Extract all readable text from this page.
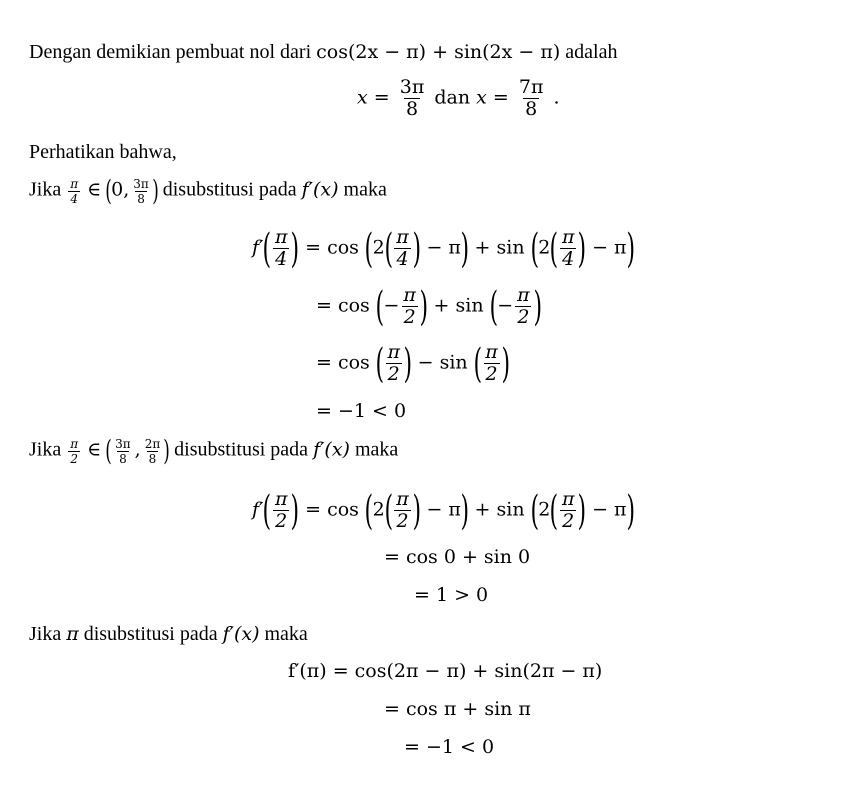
Dengan demikian pembuat nol dari cos(2x − π) + sin(2x − π) adalah
$x = \frac{3\pi}{8}$ dan $x = \frac{7\pi}{8}$ .
Perhatikan bahwa,
Jika $\frac{\pi}{4}$ ∈ (0, $\frac{3\pi}{8}$ ) disubstitusi pada f′(x) maka
$f'( \frac{\pi}{4}$ ) = $\cos (2( \frac{\pi}{4}$ ) − $\pi) + \sin (2( \frac{\pi}{4}$ ) − π)
= cos (− $\frac{\pi}{2}$ ) + sin (− $\frac{\pi}{2}$ )
= cos ( $\frac{\pi}{2}$ ) − sin ( $\frac{\pi}{2}$ )
= −1 < 0
Jika $\frac{\pi}{2}$ ∈ ( $\frac{3\pi}{8}$ , $\frac{2\pi}{8}$ ) disubstitusi pada f′(x) maka
$f'( \frac{\pi}{2}$ ) = $\cos (2( \frac{\pi}{2}$ ) − $\pi) + \sin (2( \frac{\pi}{2}$ ) − π)
= cos 0 + sin 0
= 1 > 0
Jika π disubstitusi pada f′(x) maka
f′(π) = cos(2π − π) + sin(2π − π)
= cos π + sin π
= −1 < 0
